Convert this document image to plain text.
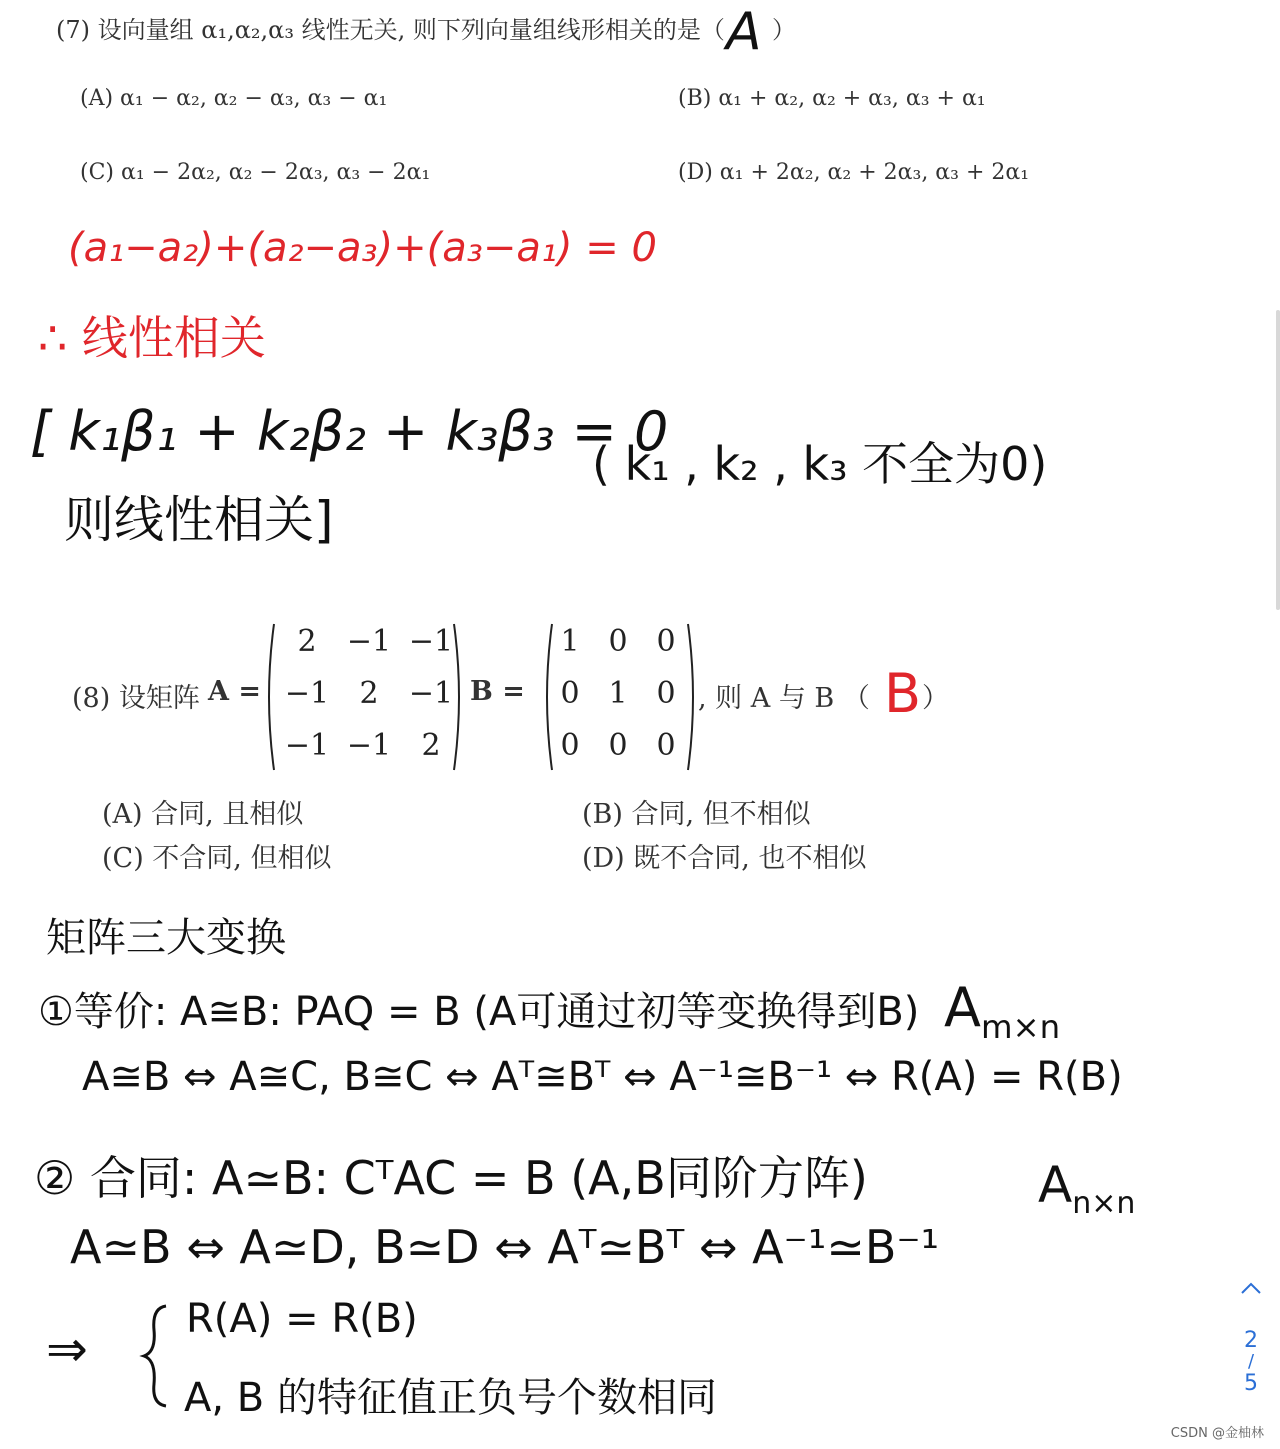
(7) 设向量组 α₁,α₂,α₃ 线性无关, 则下列向量组线形相关的是（ A ）
(A) α₁ − α₂, α₂ − α₃, α₃ − α₁	(B) α₁ + α₂, α₂ + α₃, α₃ + α₁
(C) α₁ − 2α₂, α₂ − 2α₃, α₃ − 2α₁	(D) α₁ + 2α₂, α₂ + 2α₃, α₃ + 2α₁
(a₁−a₂)+(a₂−a₃)+(a₃−a₁) = 0
∴ 线性相关
[ k₁β₁ + k₂β₂ + k₃β₃ = 0
( k₁ , k₂ , k₃ 不全为0)
则线性相关]
(8) 设矩阵 A =
2	−1 −1
−1	2	−1
−1 −1	2
B =
1 0 0
0 1 0
0 0 0
, 则 A 与 B （ B ）
(A) 合同, 且相似	(B) 合同, 但不相似
(C) 不合同, 但相似	(D) 既不合同, 也不相似
矩阵三大变换
①等价: A≅B: PAQ = B (A可通过初等变换得到B) $A_{m\times n}$
A≅B ⇔ A≅C, B≅C ⇔ Aᵀ≅Bᵀ ⇔ A⁻¹≅B⁻¹ ⇔ R(A) = R(B)
② 合同: A≃B: CᵀAC = B (A,B同阶方阵)	$A_{n\times n}$
A≃B ⇔ A≃D, B≃D ⇔ Aᵀ≃Bᵀ ⇔ A⁻¹≃B⁻¹
⇒
R(A) = R(B)
A, B 的特征值正负号个数相同
2
/
5
CSDN @金柚林
